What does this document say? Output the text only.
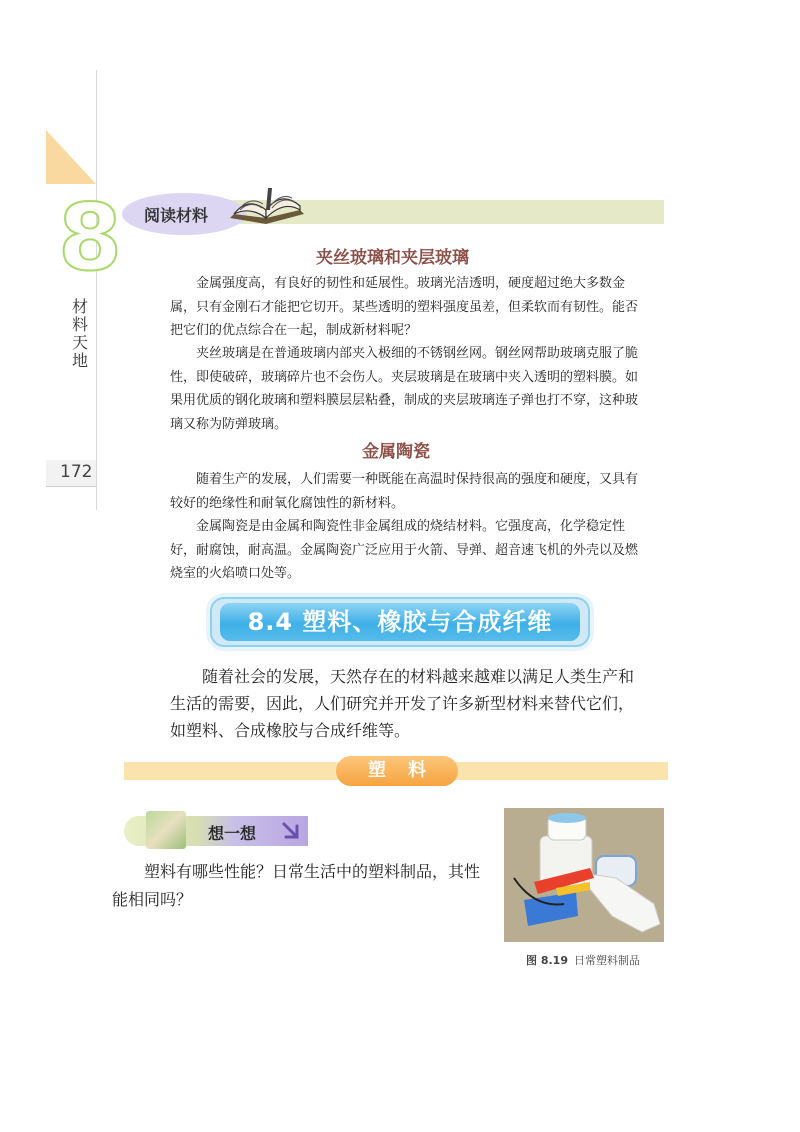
8
材料天地
172
阅读材料
夹丝玻璃和夹层玻璃
金属强度高，有良好的韧性和延展性。玻璃光洁透明，硬度超过绝大多数金属，只有金刚石才能把它切开。某些透明的塑料强度虽差，但柔软而有韧性。能否把它们的优点综合在一起，制成新材料呢？
夹丝玻璃是在普通玻璃内部夹入极细的不锈钢丝网。钢丝网帮助玻璃克服了脆性，即使破碎，玻璃碎片也不会伤人。夹层玻璃是在玻璃中夹入透明的塑料膜。如果用优质的钢化玻璃和塑料膜层层粘叠，制成的夹层玻璃连子弹也打不穿，这种玻璃又称为防弹玻璃。
金属陶瓷
随着生产的发展，人们需要一种既能在高温时保持很高的强度和硬度，又具有较好的绝缘性和耐氧化腐蚀性的新材料。
金属陶瓷是由金属和陶瓷性非金属组成的烧结材料。它强度高，化学稳定性好，耐腐蚀，耐高温。金属陶瓷广泛应用于火箭、导弹、超音速飞机的外壳以及燃烧室的火焰喷口处等。
8.4 塑料、橡胶与合成纤维
随着社会的发展，天然存在的材料越来越难以满足人类生产和生活的需要，因此，人们研究并开发了许多新型材料来替代它们，如塑料、合成橡胶与合成纤维等。
塑料
想一想
塑料有哪些性能？日常生活中的塑料制品，其性能相同吗？
图 8.19 日常塑料制品
